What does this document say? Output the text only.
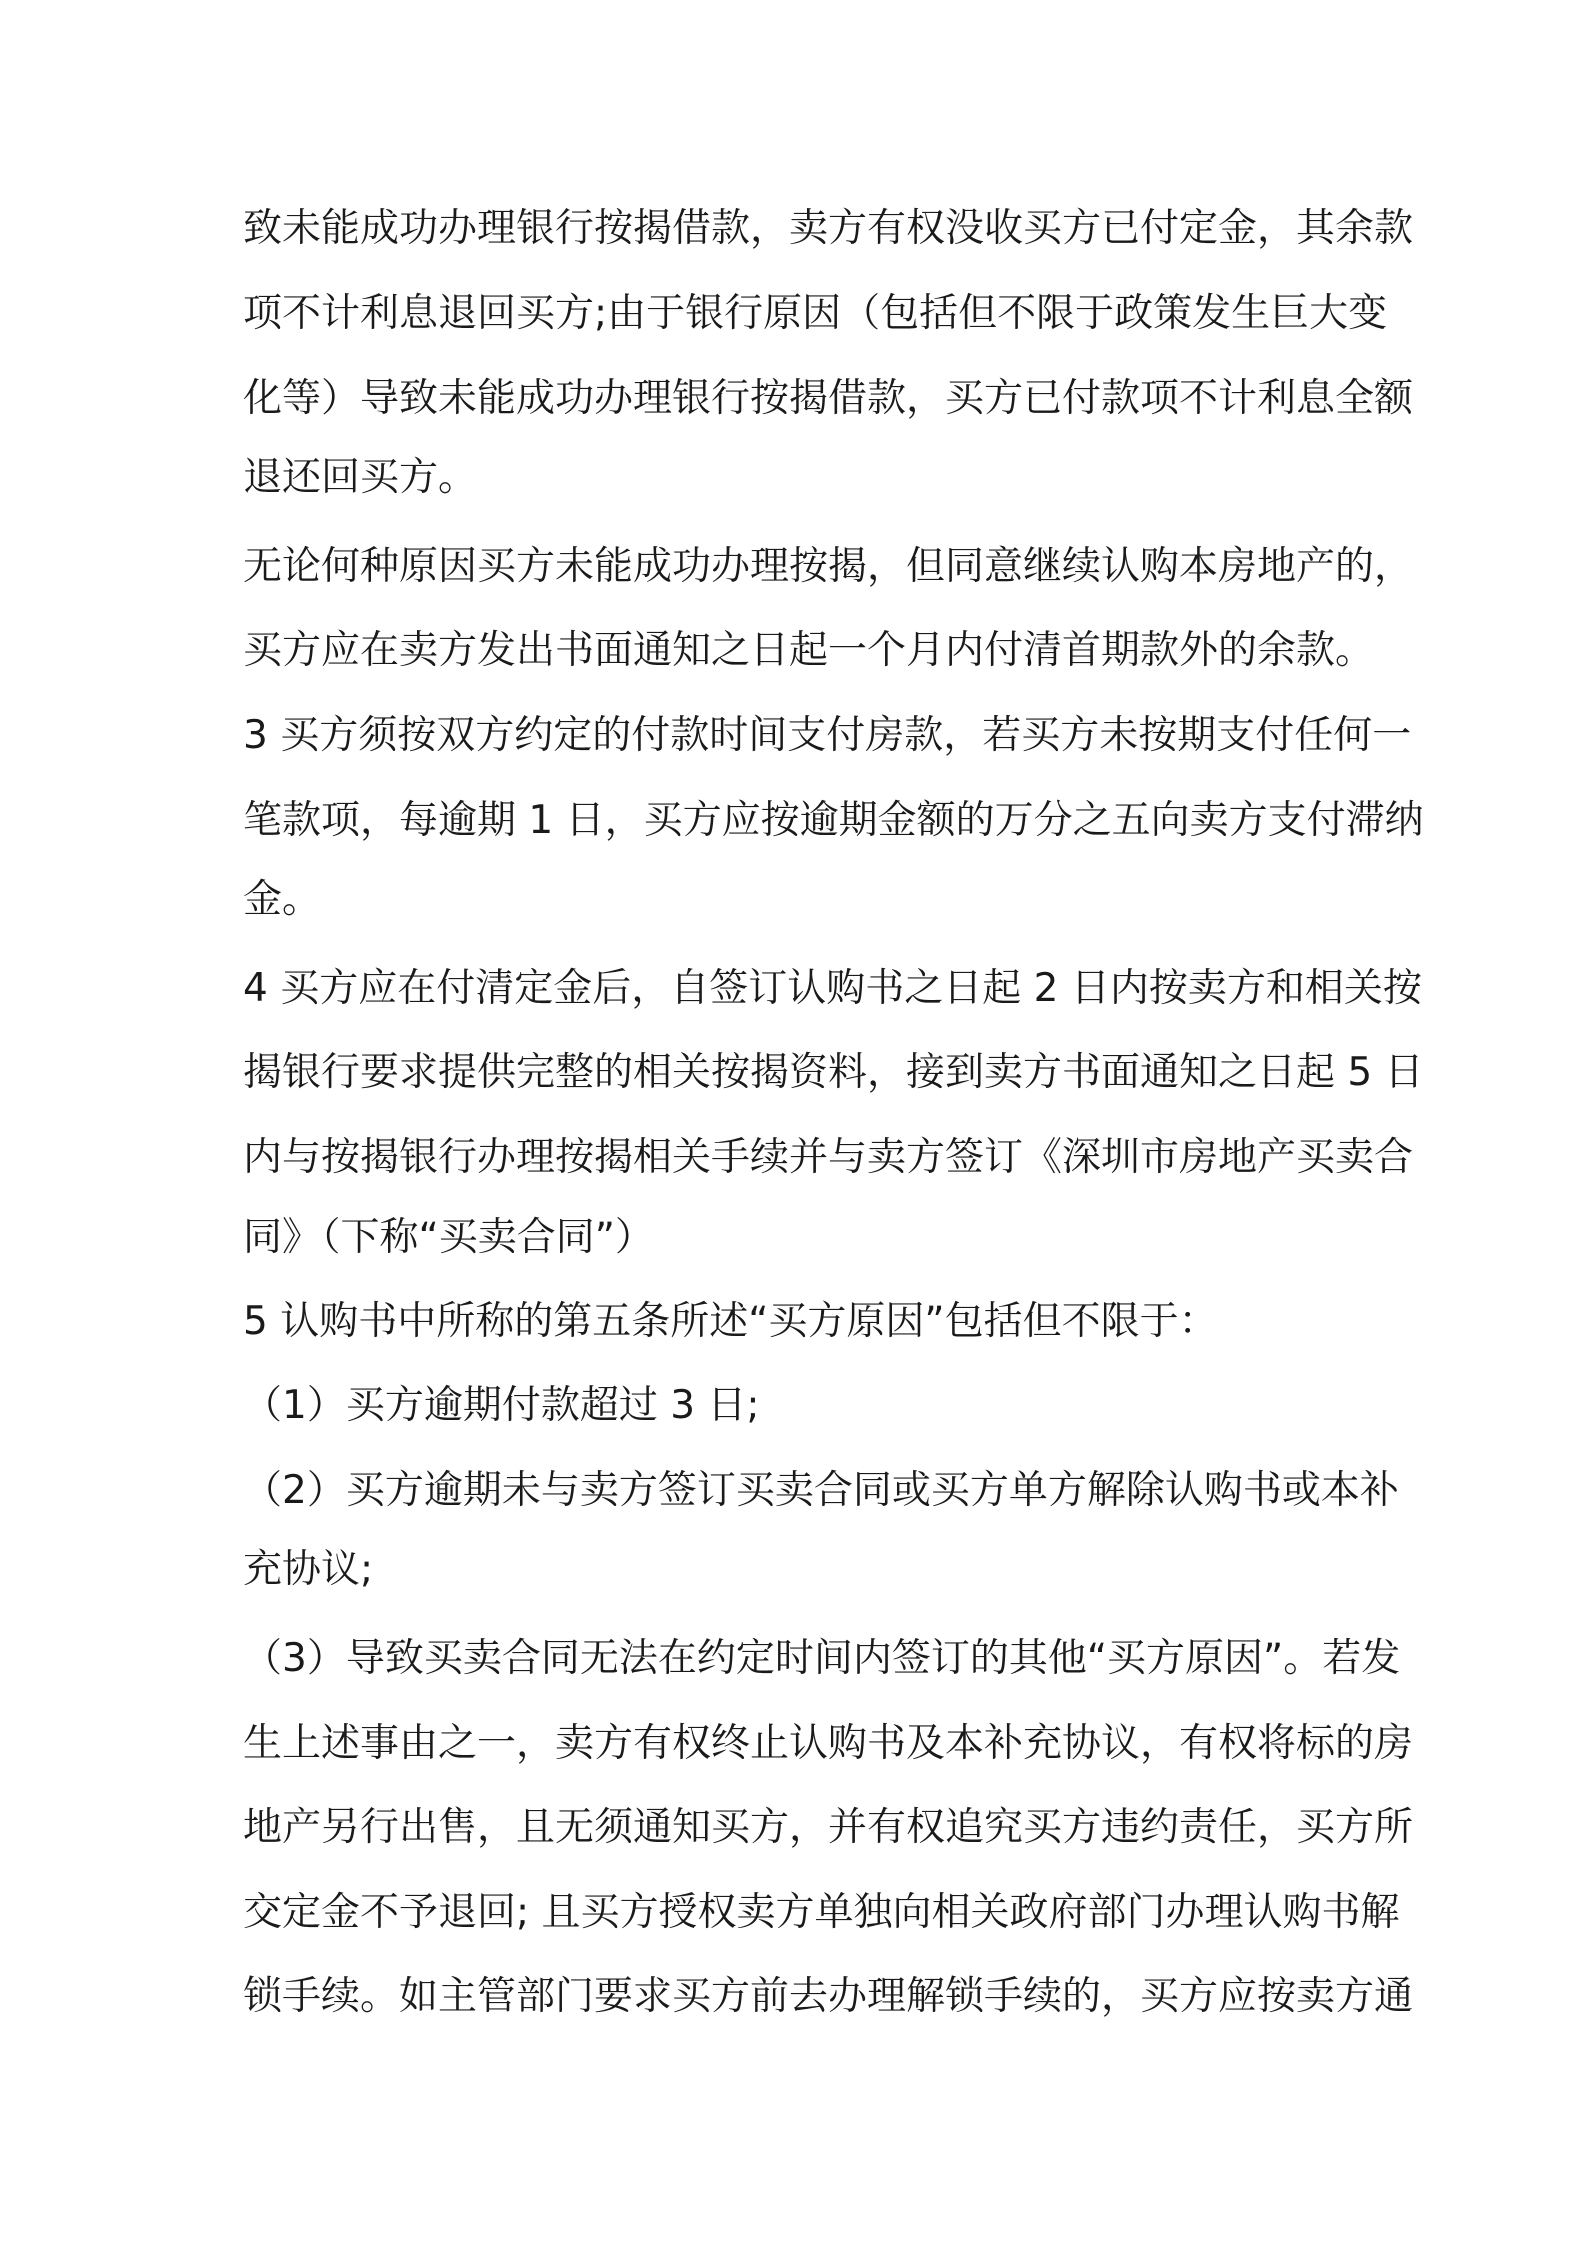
致未能成功办理银行按揭借款，卖方有权没收买方已付定金，其余款
项不计利息退回买方;由于银行原因（包括但不限于政策发生巨大变
化等）导致未能成功办理银行按揭借款，买方已付款项不计利息全额
退还回买方。
无论何种原因买方未能成功办理按揭，但同意继续认购本房地产的，
买方应在卖方发出书面通知之日起一个月内付清首期款外的余款。
3 买方须按双方约定的付款时间支付房款，若买方未按期支付任何一
笔款项，每逾期 1 日，买方应按逾期金额的万分之五向卖方支付滞纳
金。
4 买方应在付清定金后，自签订认购书之日起 2 日内按卖方和相关按
揭银行要求提供完整的相关按揭资料，接到卖方书面通知之日起 5 日
内与按揭银行办理按揭相关手续并与卖方签订《深圳市房地产买卖合
同》（下称“买卖合同”）
5 认购书中所称的第五条所述“买方原因”包括但不限于：
（1）买方逾期付款超过 3 日;
（2）买方逾期未与卖方签订买卖合同或买方单方解除认购书或本补
充协议;
（3）导致买卖合同无法在约定时间内签订的其他“买方原因”。若发
生上述事由之一，卖方有权终止认购书及本补充协议，有权将标的房
地产另行出售，且无须通知买方，并有权追究买方违约责任，买方所
交定金不予退回; 且买方授权卖方单独向相关政府部门办理认购书解
锁手续。如主管部门要求买方前去办理解锁手续的，买方应按卖方通
